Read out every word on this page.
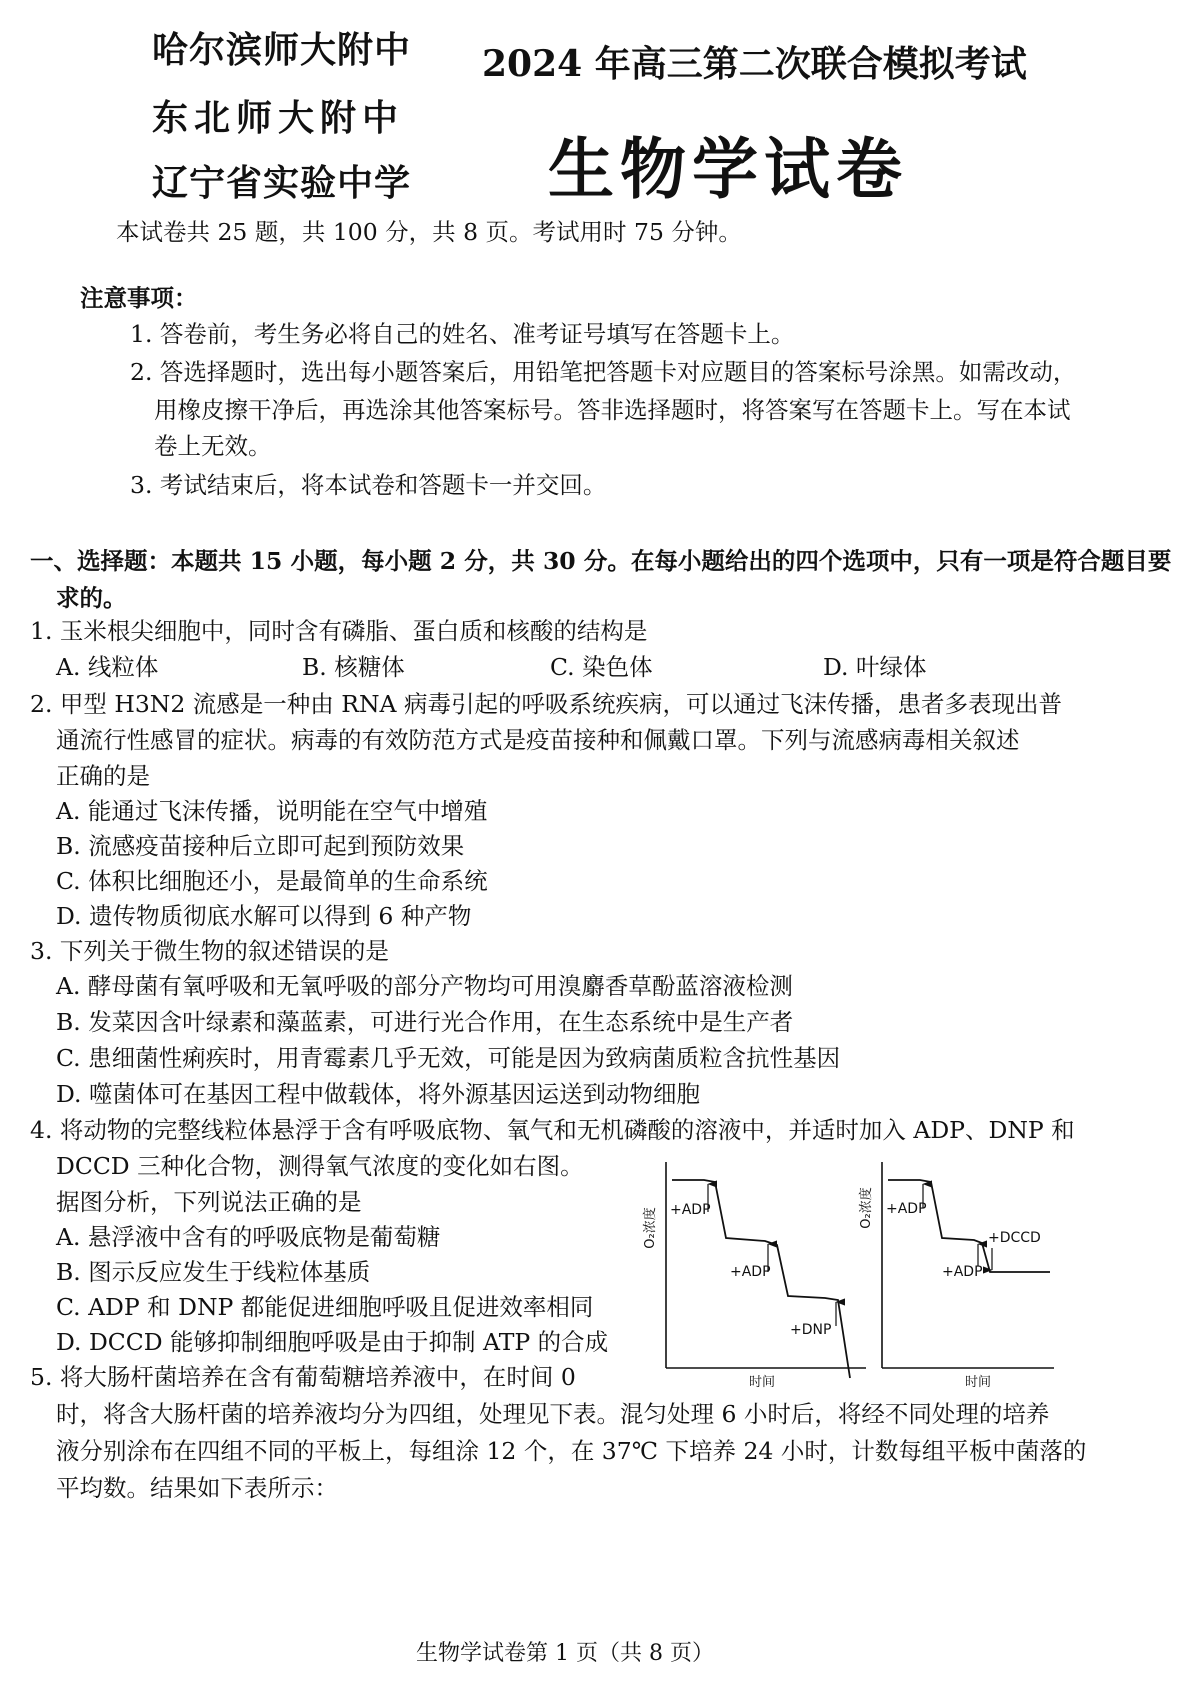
哈尔滨师大附中
东北师大附中
辽宁省实验中学
2024 年高三第二次联合模拟考试
生物学试卷
本试卷共 25 题，共 100 分，共 8 页。考试用时 75 分钟。
注意事项：
1. 答卷前，考生务必将自己的姓名、准考证号填写在答题卡上。
2. 答选择题时，选出每小题答案后，用铅笔把答题卡对应题目的答案标号涂黑。如需改动，
用橡皮擦干净后，再选涂其他答案标号。答非选择题时，将答案写在答题卡上。写在本试
卷上无效。
3. 考试结束后，将本试卷和答题卡一并交回。
一、选择题：本题共 15 小题，每小题 2 分，共 30 分。在每小题给出的四个选项中，只有一项是符合题目要
求的。
1. 玉米根尖细胞中，同时含有磷脂、蛋白质和核酸的结构是
A. 线粒体	B. 核糖体	C. 染色体	D. 叶绿体
2. 甲型 H3N2 流感是一种由 RNA 病毒引起的呼吸系统疾病，可以通过飞沫传播，患者多表现出普
通流行性感冒的症状。病毒的有效防范方式是疫苗接种和佩戴口罩。下列与流感病毒相关叙述
正确的是
A. 能通过飞沫传播，说明能在空气中增殖
B. 流感疫苗接种后立即可起到预防效果
C. 体积比细胞还小，是最简单的生命系统
D. 遗传物质彻底水解可以得到 6 种产物
3. 下列关于微生物的叙述错误的是
A. 酵母菌有氧呼吸和无氧呼吸的部分产物均可用溴麝香草酚蓝溶液检测
B. 发菜因含叶绿素和藻蓝素，可进行光合作用，在生态系统中是生产者
C. 患细菌性痢疾时，用青霉素几乎无效，可能是因为致病菌质粒含抗性基因
D. 噬菌体可在基因工程中做载体，将外源基因运送到动物细胞
4. 将动物的完整线粒体悬浮于含有呼吸底物、氧气和无机磷酸的溶液中，并适时加入 ADP、DNP 和
DCCD 三种化合物，测得氧气浓度的变化如右图。
据图分析，下列说法正确的是
A. 悬浮液中含有的呼吸底物是葡萄糖
B. 图示反应发生于线粒体基质
C. ADP 和 DNP 都能促进细胞呼吸且促进效率相同
D. DCCD 能够抑制细胞呼吸是由于抑制 ATP 的合成
O₂浓度
时间
+ADP
+ADP
+DNP
O₂浓度
时间
+ADP
+ADP
+DCCD
5. 将大肠杆菌培养在含有葡萄糖培养液中，在时间 0
时，将含大肠杆菌的培养液均分为四组，处理见下表。混匀处理 6 小时后，将经不同处理的培养
液分别涂布在四组不同的平板上，每组涂 12 个，在 37℃ 下培养 24 小时，计数每组平板中菌落的
平均数。结果如下表所示：
生物学试卷第 1 页（共 8 页）
